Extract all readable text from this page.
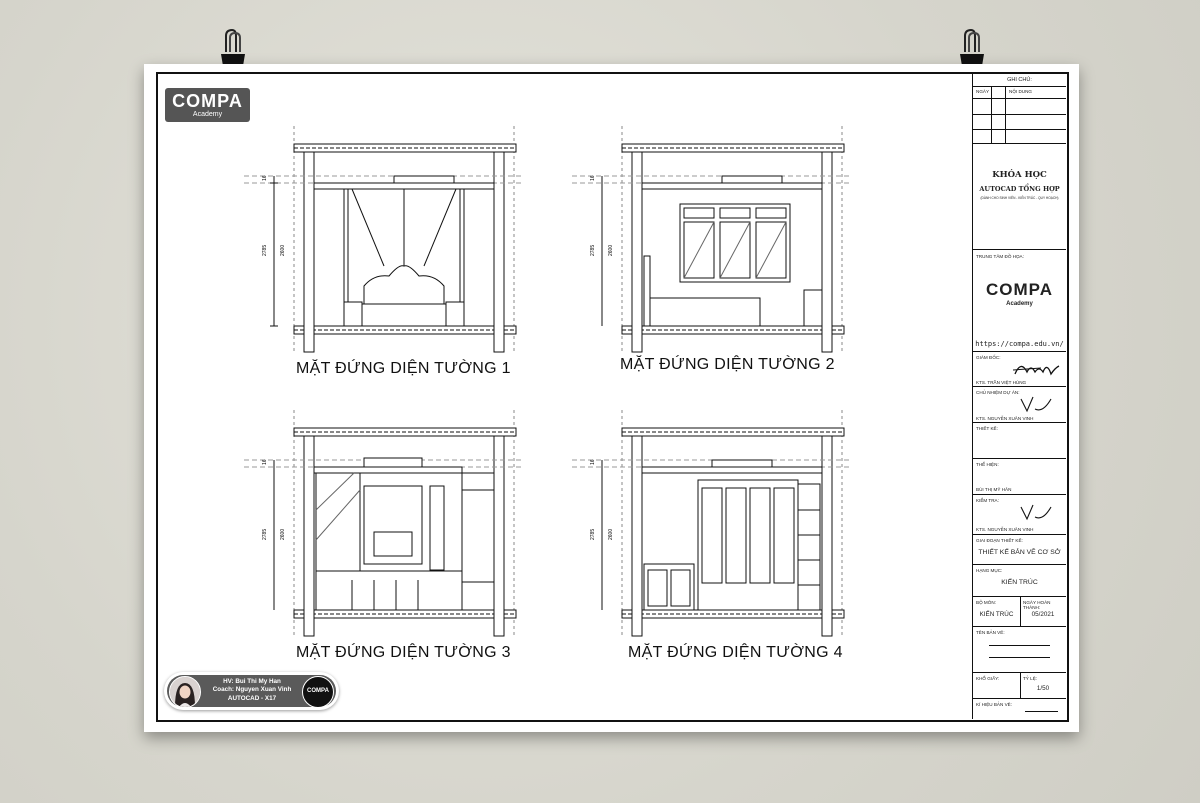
COMPA
Academy
16
2785 2600
16
2785 2600
16
2785 2600
16
2785 2600
MẶT ĐỨNG DIỆN TƯỜNG 1	MẶT ĐỨNG DIỆN TƯỜNG 2
MẶT ĐỨNG DIỆN TƯỜNG 3	MẶT ĐỨNG DIỆN TƯỜNG 4
GHI CHÚ:
NGÀY	NỘI DUNG
KHÓA HỌC
AUTOCAD TỔNG HỢP
(DÀNH CHO SINH VIÊN - KIẾN TRÚC - QUY HOẠCH)
TRUNG TÂM ĐỒ HỌA:
COMPA
Academy
https://compa.edu.vn/
GIÁM ĐỐC:
KTS. TRẦN VIỆT HÙNG
CHỦ NHIỆM DỰ ÁN:
KTS. NGUYỄN XUÂN VINH
THIẾT KẾ:
THỂ HIỆN:
BÙI THỊ MỸ HÂN
KIỂM TRA:
KTS. NGUYỄN XUÂN VINH
GIAI ĐOẠN THIẾT KẾ:
THIẾT KẾ BẢN VẼ CƠ SỞ
HẠNG MỤC:
KIẾN TRÚC
BỘ MÔN:
KIẾN TRÚC
NGÀY HOÀN THÀNH:
05/2021
TÊN BẢN VẼ:
KHỔ GIẤY:	TỶ LỆ:
1/50
KÍ HIỆU BẢN VẼ:
HV: Bui Thi My Han
Coach: Nguyen Xuan Vinh
AUTOCAD - X17
COMPA
